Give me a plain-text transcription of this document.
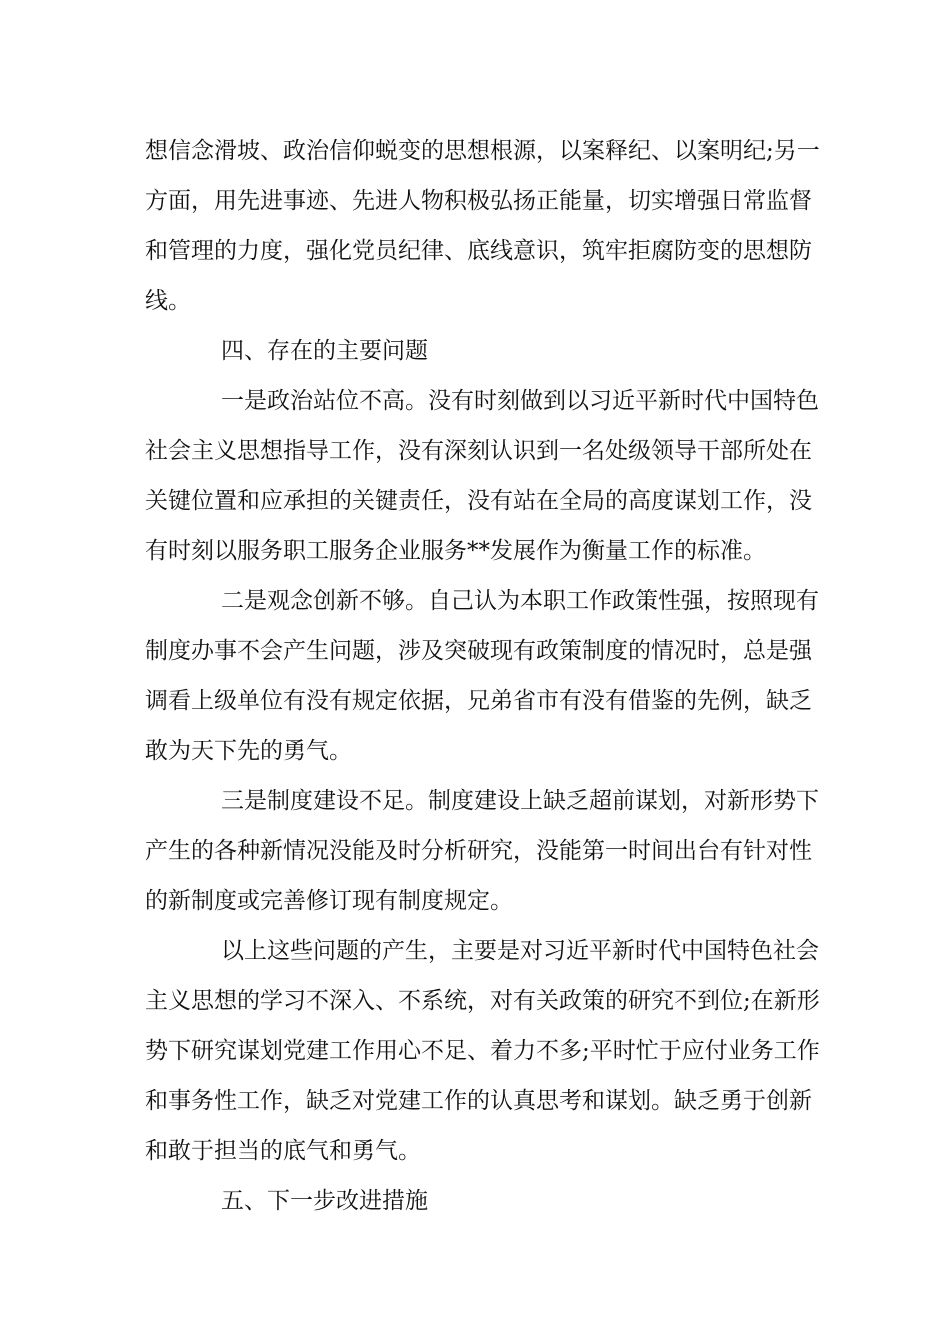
想信念滑坡、政治信仰蜕变的思想根源，以案释纪、以案明纪;另一
方面，用先进事迹、先进人物积极弘扬正能量，切实增强日常监督
和管理的力度，强化党员纪律、底线意识，筑牢拒腐防变的思想防
线。
四、存在的主要问题
一是政治站位不高。没有时刻做到以习近平新时代中国特色
社会主义思想指导工作，没有深刻认识到一名处级领导干部所处在
关键位置和应承担的关键责任，没有站在全局的高度谋划工作，没
有时刻以服务职工服务企业服务**发展作为衡量工作的标准。
二是观念创新不够。自己认为本职工作政策性强，按照现有
制度办事不会产生问题，涉及突破现有政策制度的情况时，总是强
调看上级单位有没有规定依据，兄弟省市有没有借鉴的先例，缺乏
敢为天下先的勇气。
三是制度建设不足。制度建设上缺乏超前谋划，对新形势下
产生的各种新情况没能及时分析研究，没能第一时间出台有针对性
的新制度或完善修订现有制度规定。
以上这些问题的产生，主要是对习近平新时代中国特色社会
主义思想的学习不深入、不系统，对有关政策的研究不到位;在新形
势下研究谋划党建工作用心不足、着力不多;平时忙于应付业务工作
和事务性工作，缺乏对党建工作的认真思考和谋划。缺乏勇于创新
和敢于担当的底气和勇气。
五、下一步改进措施
